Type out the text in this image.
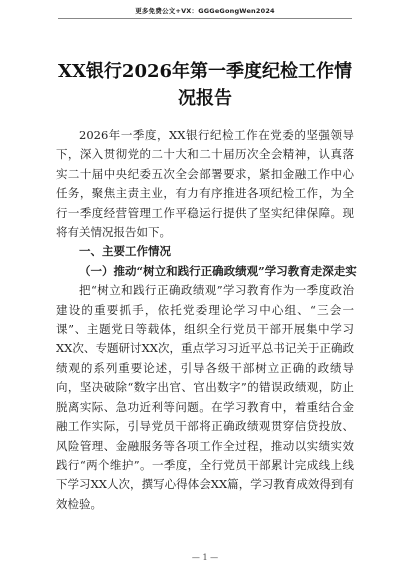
更多免费公文+VX：GGGeGongWen2024
XX银行2026年第一季度纪检工作情况报告

2026年一季度，XX银行纪检工作在党委的坚强领导下，深入贯彻党的二十大和二十届历次全会精神，认真落实二十届中央纪委五次全会部署要求，紧扣金融工作中心任务，聚焦主责主业，有力有序推进各项纪检工作，为全行一季度经营管理工作平稳运行提供了坚实纪律保障。现将有关情况报告如下。

一、主要工作情况

（一）推动“树立和践行正确政绩观”学习教育走深走实

把“树立和践行正确政绩观”学习教育作为一季度政治建设的重要抓手，依托党委理论学习中心组、“三会一课”、主题党日等载体，组织全行党员干部开展集中学习XX次、专题研讨XX次，重点学习习近平总书记关于正确政绩观的系列重要论述，引导各级干部树立正确的政绩导向，坚决破除“数字出官、官出数字”的错误政绩观，防止脱离实际、急功近利等问题。在学习教育中，着重结合金融工作实际，引导党员干部将正确政绩观贯穿信贷投放、风险管理、金融服务等各项工作全过程，推动以实绩实效践行“两个维护”。一季度，全行党员干部累计完成线上线下学习XX人次，撰写心得体会XX篇，学习教育成效得到有效检验。

— 1 —
